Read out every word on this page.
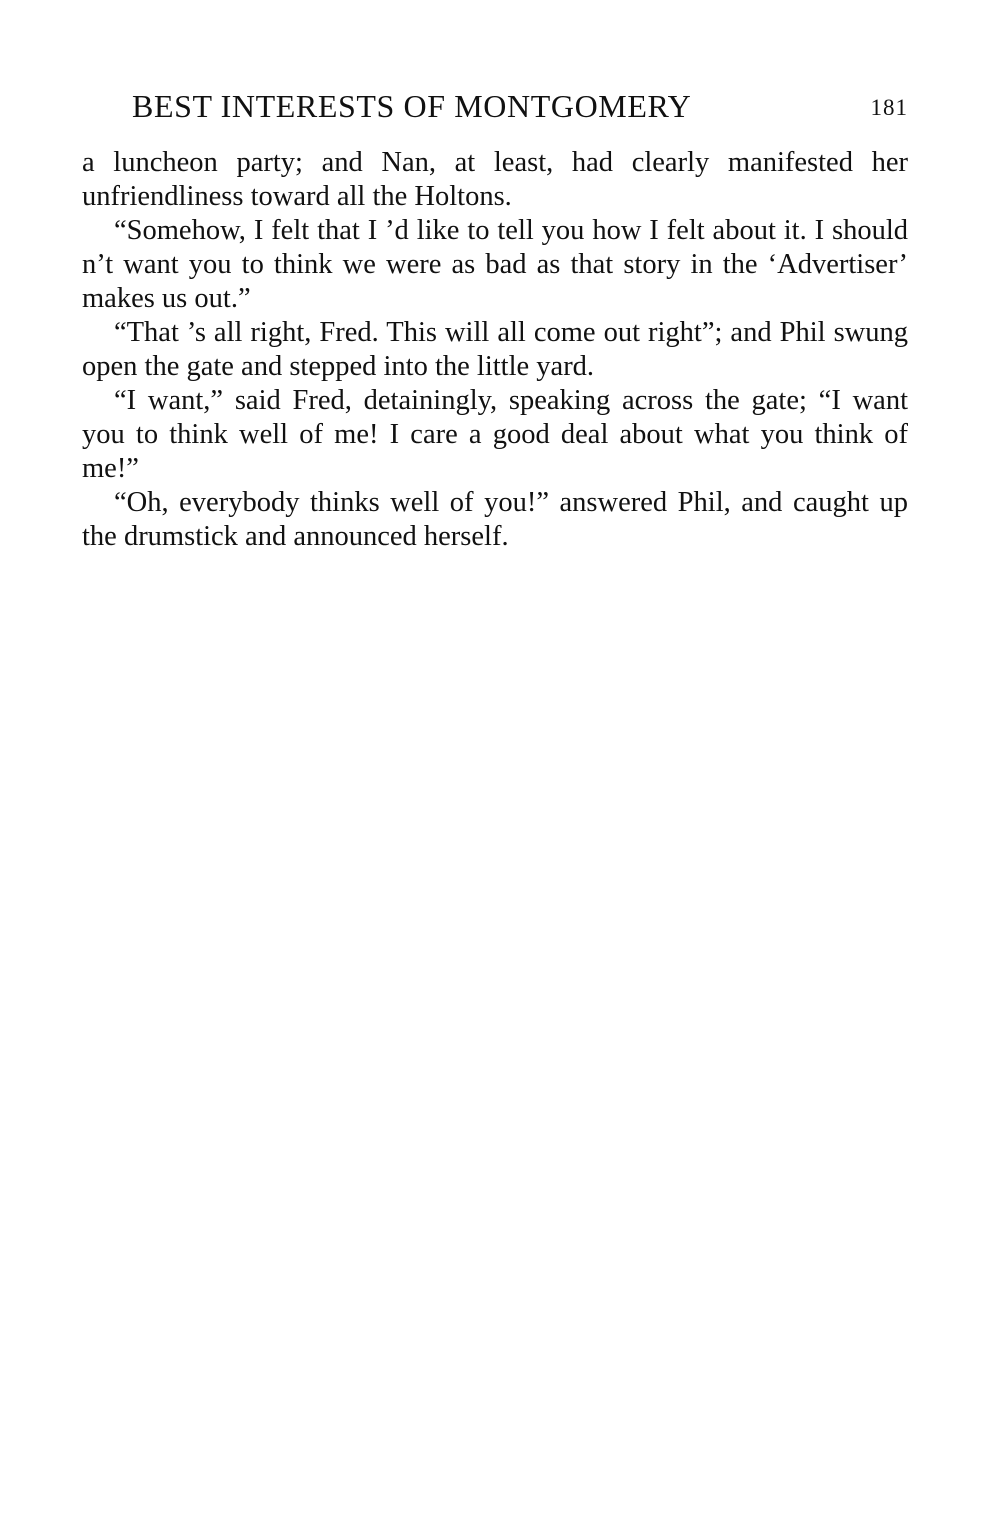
BEST INTERESTS OF MONTGOMERY	181

a luncheon party; and Nan, at least, had clearly manifested her unfriendliness toward all the Holtons.

“Somehow, I felt that I ’d like to tell you how I felt about it. I should n’t want you to think we were as bad as that story in the ‘Advertiser’ makes us out.”

“That ’s all right, Fred. This will all come out right”; and Phil swung open the gate and stepped into the little yard.

“I want,” said Fred, detainingly, speaking across the gate; “I want you to think well of me! I care a good deal about what you think of me!”

“Oh, everybody thinks well of you!” answered Phil, and caught up the drumstick and announced herself.
